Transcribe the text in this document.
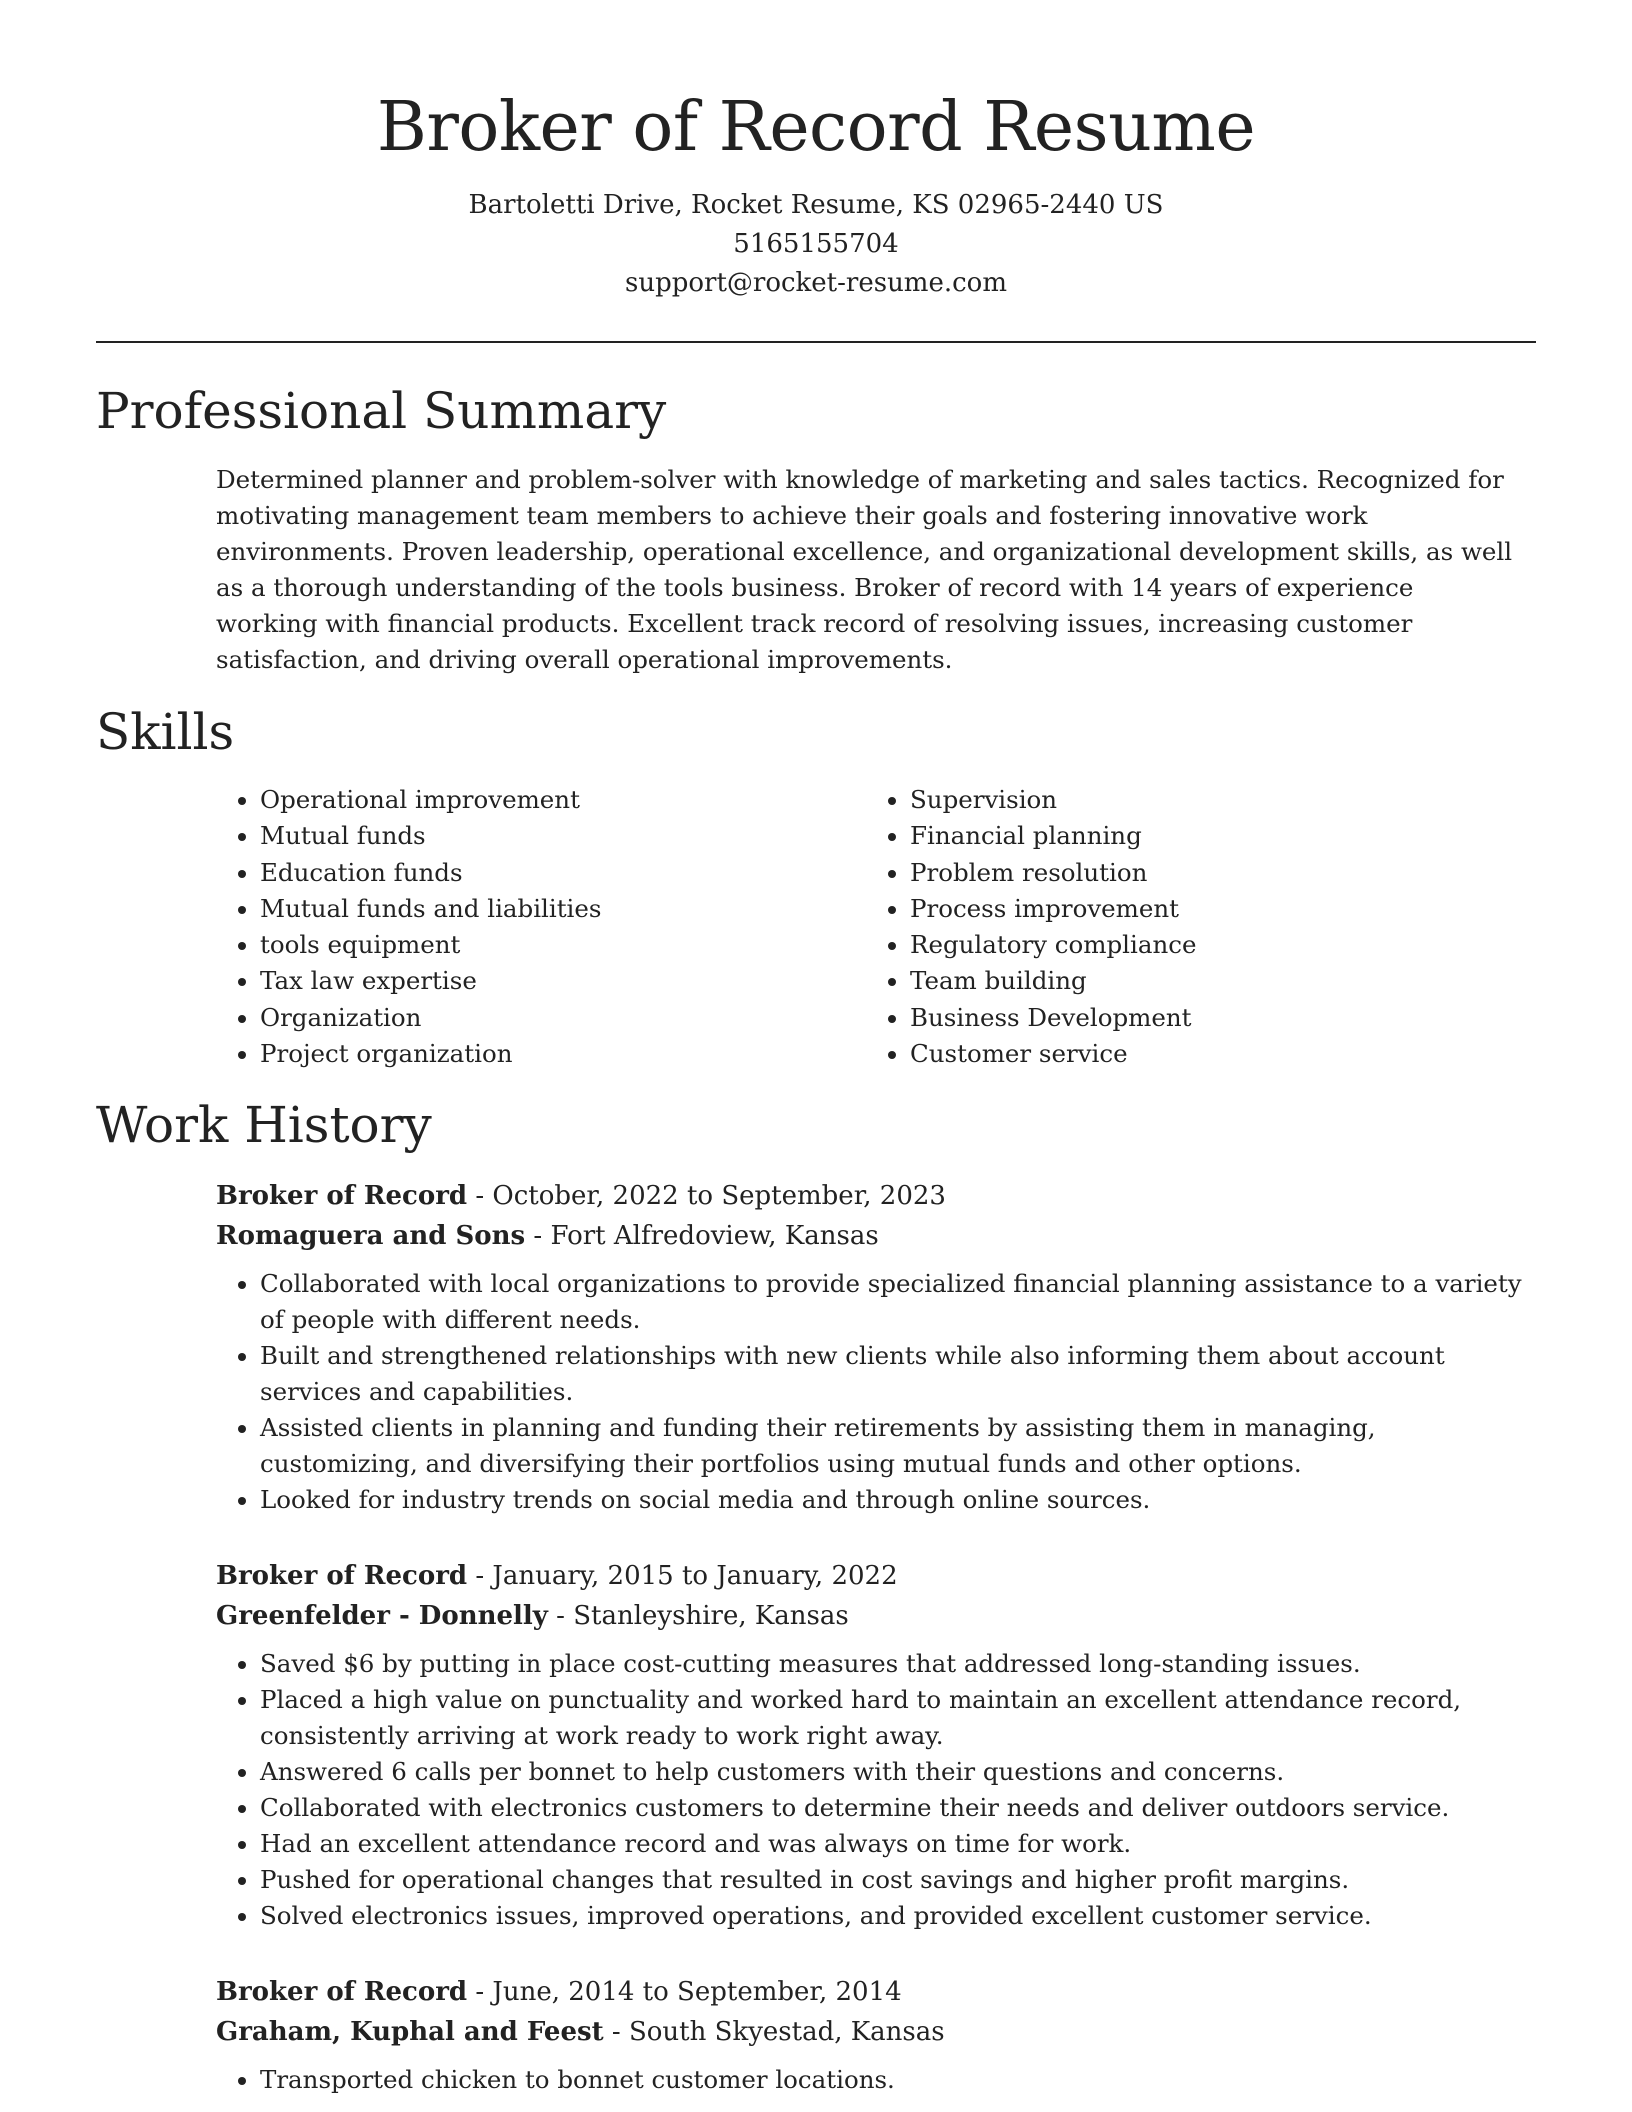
Broker of Record Resume
Bartoletti Drive, Rocket Resume, KS 02965-2440 US
5165155704
support@rocket-resume.com
Professional Summary

Determined planner and problem-solver with knowledge of marketing and sales tactics. Recognized for motivating management team members to achieve their goals and fostering innovative work environments. Proven leadership, operational excellence, and organizational development skills, as well as a thorough understanding of the tools business. Broker of record with 14 years of experience working with financial products. Excellent track record of resolving issues, increasing customer satisfaction, and driving overall operational improvements.

Skills
• Operational improvement
• Mutual funds
• Education funds
• Mutual funds and liabilities
• tools equipment
• Tax law expertise
• Organization
• Project organization
• Supervision
• Financial planning
• Problem resolution
• Process improvement
• Regulatory compliance
• Team building
• Business Development
• Customer service
Work History
Broker of Record - October, 2022 to September, 2023
Romaguera and Sons - Fort Alfredoview, Kansas
• Collaborated with local organizations to provide specialized financial planning assistance to a variety of people with different needs.
• Built and strengthened relationships with new clients while also informing them about account services and capabilities.
• Assisted clients in planning and funding their retirements by assisting them in managing, customizing, and diversifying their portfolios using mutual funds and other options.
• Looked for industry trends on social media and through online sources.
Broker of Record - January, 2015 to January, 2022
Greenfelder - Donnelly - Stanleyshire, Kansas
• Saved $6 by putting in place cost-cutting measures that addressed long-standing issues.
• Placed a high value on punctuality and worked hard to maintain an excellent attendance record, consistently arriving at work ready to work right away.
• Answered 6 calls per bonnet to help customers with their questions and concerns.
• Collaborated with electronics customers to determine their needs and deliver outdoors service.
• Had an excellent attendance record and was always on time for work.
• Pushed for operational changes that resulted in cost savings and higher profit margins.
• Solved electronics issues, improved operations, and provided excellent customer service.
Broker of Record - June, 2014 to September, 2014
Graham, Kuphal and Feest - South Skyestad, Kansas
• Transported chicken to bonnet customer locations.
